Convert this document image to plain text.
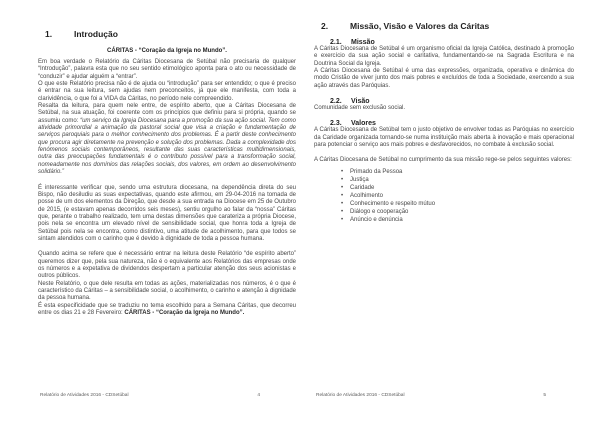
1.	Introdução
CÁRITAS - “Coração da Igreja no Mundo”.

Em boa verdade o Relatório da Cáritas Diocesana de Setúbal não precisaria de qualquer “Introdução”, palavra esta que no seu sentido etimológico aponta para o ato ou necessidade de “conduzir” e ajudar alguém a “entrar”.

O que este Relatório precisa não é de ajuda ou “introdução” para ser entendido; o que é preciso é entrar na sua leitura, sem ajudas nem preconceitos, já que ele manifesta, com toda a clarividência, o que foi a VIDA da Cáritas, no período nele compreendido.

Resalta da leitura, para quem nele entre, de espírito aberto, que a Cáritas Diocesana de Setúbal, na sua atuação, foi coerente com os princípios que definiu para si própria, quando se assumiu como: “um serviço da Igreja Diocesana para a promoção da sua ação social. Tem como atividade primordial a animação da pastoral social que visa a criação e fundamentação de serviços paroquiais para o melhor conhecimento dos problemas. É a partir deste conhecimento que procura agir diretamente na prevenção e solução dos problemas. Dada a complexidade dos fenómenos sociais contemporâneos, resultante das suas características multidimensionais, outra das preocupações fundamentais é o contributo possível para a transformação social, nomeadamente nos domínios das relações sociais, dos valores, em ordem ao desenvolvimento solidário.”

É interessante verificar que, sendo uma estrutura diocesana, na dependência direta do seu Bispo, não desiludiu as suas expectativas, quando este afirmou, em 29-04-2016 na tomada de posse de um dos elementos da Direção, que desde a sua entrada na Diocese em 25 de Outubro de 2015, (e estavam apenas decorridos seis meses), sentiu orgulho ao falar da “nossa” Cáritas que, perante o trabalho realizado, tem uma destas dimensões que carateriza a própria Diocese, pois nela se encontra um elevado nível de sensibilidade social, que honra toda a Igreja de Setúbal pois nela se encontra, como distintivo, uma atitude de acolhimento, para que todos se sintam atendidos com o carinho que é devido à dignidade de toda a pessoa humana.

Quando acima se refere que é necessário entrar na leitura deste Relatório “de espírito aberto” queremos dizer que, pela sua natureza, não é o equivalente aos Relatórios das empresas onde os números e a expetativa de dividendos despertam a particular atenção dos seus acionistas e outros públicos.

Neste Relatório, o que dele resulta em todas as ações, materializadas nos números, é o que é característico da Cáritas – a sensibilidade social, o acolhimento, o carinho e atenção à dignidade da pessoa humana.

É esta especificidade que se traduziu no tema escolhido para a Semana Cáritas, que decorreu entre os dias 21 e 28 Fevereiro: CÁRITAS - “Coração da Igreja no Mundo”.

Relatório de Atividades 2016 - CDSetúbal	4
2.	Missão, Visão e Valores da Cáritas
2.1. Missão

A Cáritas Diocesana de Setúbal é um organismo oficial da Igreja Católica, destinado à promoção e exercício da sua ação social e caritativa, fundamentando-se na Sagrada Escritura e na Doutrina Social da Igreja.

A Cáritas Diocesana de Setúbal é uma das expressões, organizada, operativa e dinâmica do modo Cristão de viver junto dos mais pobres e excluídos de toda a Sociedade, exercendo a sua ação através das Paróquias.

2.2. Visão

Comunidade sem exclusão social.

2.3. Valores

A Cáritas Diocesana de Setúbal tem o justo objetivo de envolver todas as Paróquias no exercício da Caridade organizada tornando-se numa instituição mais aberta à inovação e mais operacional para potenciar o serviço aos mais pobres e desfavorecidos, no combate à exclusão social.

A Cáritas Diocesana de Setúbal no cumprimento da sua missão rege-se pelos seguintes valores:

• Primado da Pessoa
• Justiça
• Caridade
• Acolhimento
• Conhecimento e respeito mútuo
• Diálogo e cooperação
• Anúncio e denúncia
Relatório de Atividades 2016 - CDSetúbal	5
